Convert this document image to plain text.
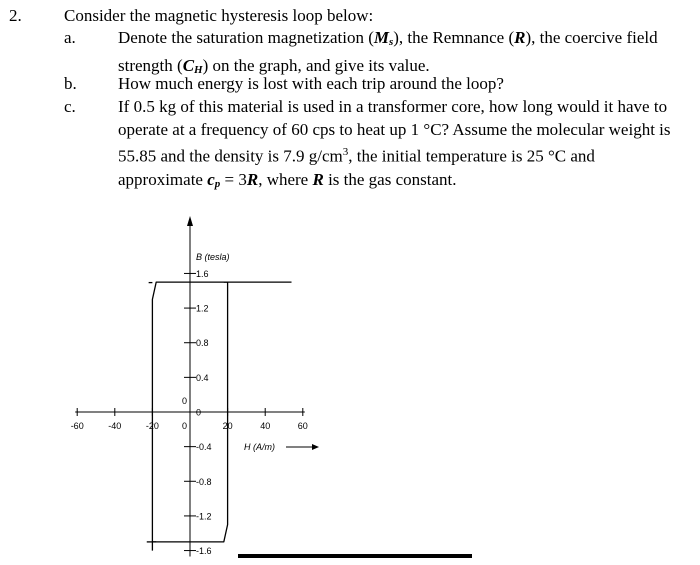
2. Consider the magnetic hysteresis loop below:
a. Denote the saturation magnetization $(M_s)$, the Remnance (R), the coercive field
strength $(C_H)$ on the graph, and give its value.
b. How much energy is lost with each trip around the loop?
c. If 0.5 kg of this material is used in a transformer core, how long would it have to
operate at a frequency of 60 cps to heat up 1 °C? Assume the molecular weight is
55.85 and the density is 7.9 $g/cm^3$, the initial temperature is 25 °C and
approximate $c_p = 3R$, where R is the gas constant.
-60	-40	-20	20	40	60
1.6
1.2
0.8
0.4
0
-0.4
-0.8
-1.2
-1.6
0
0
B (tesla)
H (A/m)
